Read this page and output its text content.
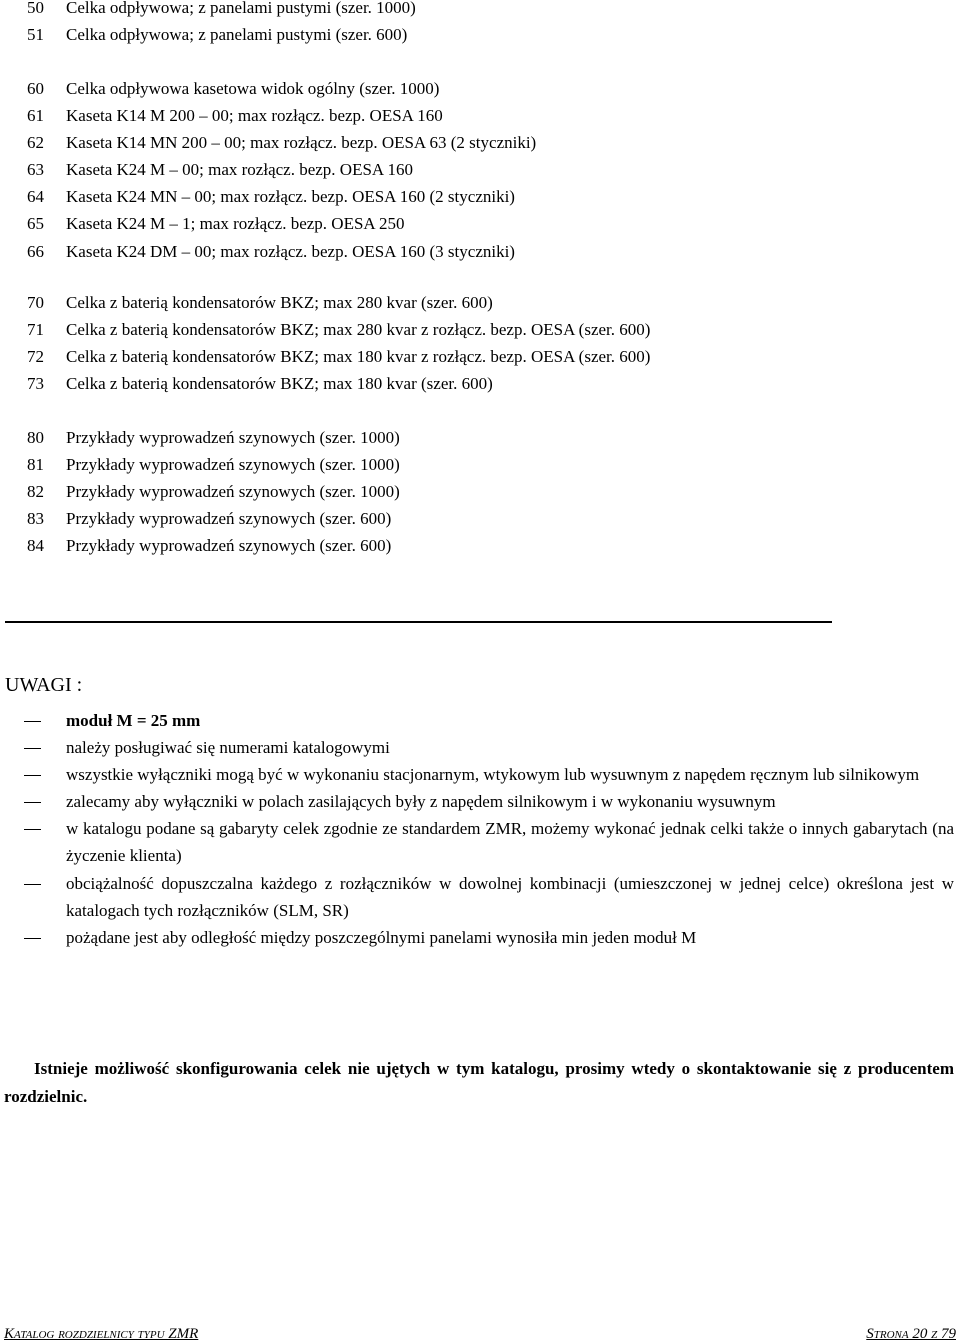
50 Celka odpływowa; z panelami pustymi (szer. 1000)
51 Celka odpływowa; z panelami pustymi (szer. 600)
60 Celka odpływowa kasetowa widok ogólny (szer. 1000)
61 Kaseta K14 M 200 – 00; max rozłącz. bezp. OESA 160
62 Kaseta K14 MN 200 – 00; max rozłącz. bezp. OESA 63 (2 styczniki)
63 Kaseta K24 M – 00; max rozłącz. bezp. OESA 160
64 Kaseta K24 MN – 00; max rozłącz. bezp. OESA 160 (2 styczniki)
65 Kaseta K24 M – 1; max rozłącz. bezp. OESA 250
66 Kaseta K24 DM – 00; max rozłącz. bezp. OESA 160 (3 styczniki)
70 Celka z baterią kondensatorów BKZ; max 280 kvar (szer. 600)
71 Celka z baterią kondensatorów BKZ; max 280 kvar z rozłącz. bezp. OESA (szer. 600)
72 Celka z baterią kondensatorów BKZ; max 180 kvar z rozłącz. bezp. OESA (szer. 600)
73 Celka z baterią kondensatorów BKZ; max 180 kvar (szer. 600)
80 Przykłady wyprowadzeń szynowych (szer. 1000)
81 Przykłady wyprowadzeń szynowych (szer. 1000)
82 Przykłady wyprowadzeń szynowych (szer. 1000)
83 Przykłady wyprowadzeń szynowych (szer. 600)
84 Przykłady wyprowadzeń szynowych (szer. 600)
UWAGI :
moduł M = 25 mm
należy posługiwać się numerami katalogowymi
wszystkie wyłączniki mogą być w wykonaniu stacjonarnym, wtykowym lub wysuwnym z napędem ręcznym lub silnikowym
zalecamy aby wyłączniki w polach zasilających były z napędem silnikowym i w wykonaniu wysuwnym
w katalogu podane są gabaryty celek zgodnie ze standardem ZMR, możemy wykonać jednak celki także o innych gabarytach (na życzenie klienta)
obciążalność dopuszczalna każdego z rozłączników w dowolnej kombinacji (umieszczonej w jednej celce) określona jest w katalogach tych rozłączników (SLM, SR)
pożądane jest aby odległość między poszczególnymi panelami wynosiła min jeden moduł M
Istnieje możliwość skonfigurowania celek nie ujętych w tym katalogu, prosimy wtedy o skontaktowanie się z producentem rozdzielnic.
Katalog rozdzielnicy typu ZMR	Strona 20 z 79
